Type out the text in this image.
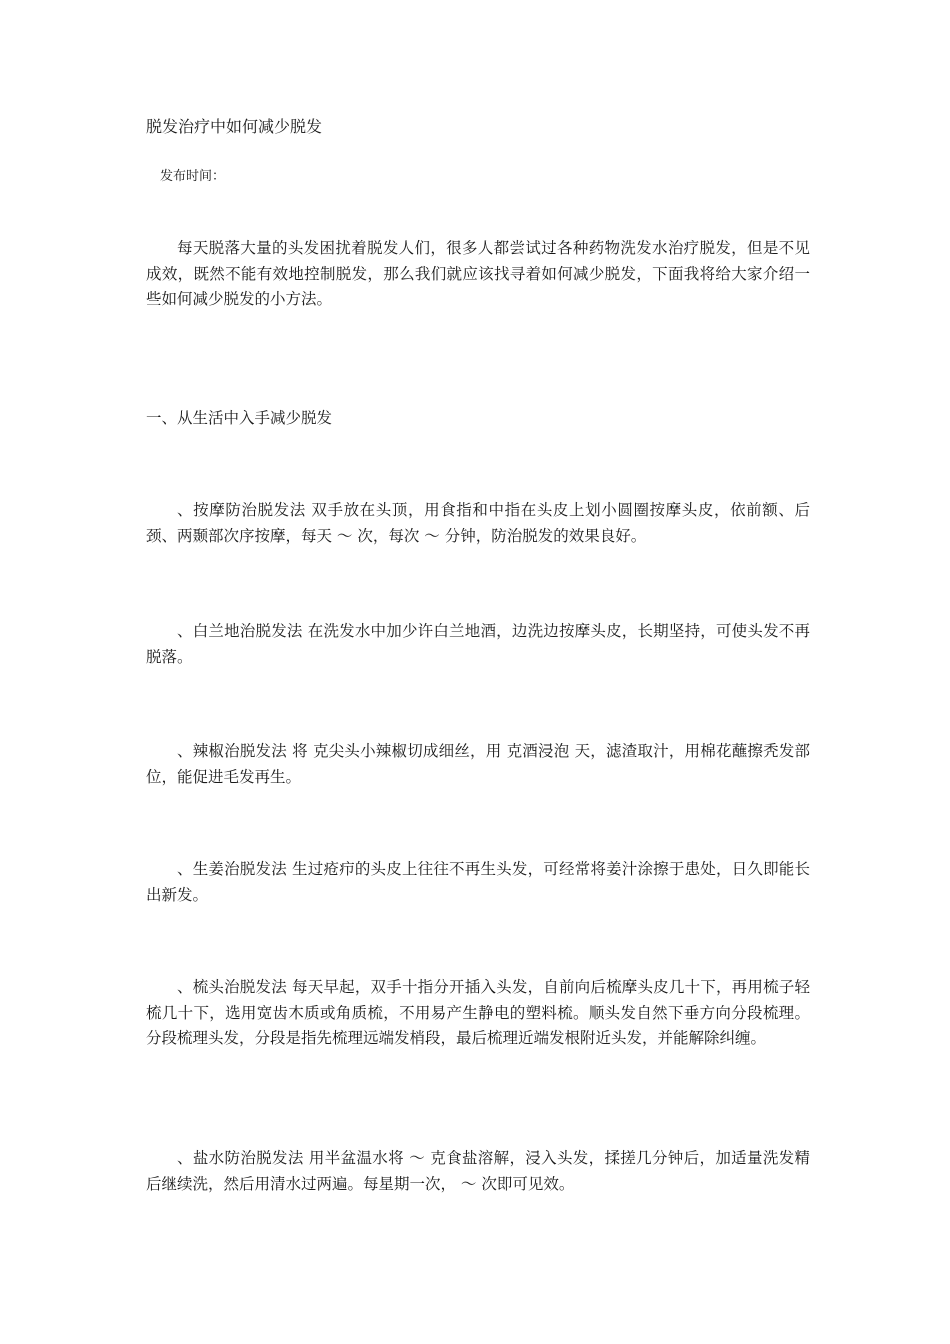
脱发治疗中如何减少脱发
发布时间：

每天脱落大量的头发困扰着脱发人们，很多人都尝试过各种药物洗发水治疗脱发，但是不见成效，既然不能有效地控制脱发，那么我们就应该找寻着如何减少脱发，下面我将给大家介绍一些如何减少脱发的小方法。

一、从生活中入手减少脱发

、按摩防治脱发法 双手放在头顶，用食指和中指在头皮上划小圆圈按摩头皮，依前额、后颈、两颞部次序按摩，每天 ～ 次，每次 ～ 分钟，防治脱发的效果良好。

、白兰地治脱发法 在洗发水中加少许白兰地酒，边洗边按摩头皮，长期坚持，可使头发不再脱落。

、辣椒治脱发法 将 克尖头小辣椒切成细丝，用 克酒浸泡 天，滤渣取汁，用棉花蘸擦秃发部位，能促进毛发再生。

、生姜治脱发法 生过疮疖的头皮上往往不再生头发，可经常将姜汁涂擦于患处，日久即能长出新发。

、梳头治脱发法 每天早起，双手十指分开插入头发，自前向后梳摩头皮几十下，再用梳子轻梳几十下，选用宽齿木质或角质梳，不用易产生静电的塑料梳。顺头发自然下垂方向分段梳理。分段梳理头发，分段是指先梳理远端发梢段，最后梳理近端发根附近头发，并能解除纠缠。

、盐水防治脱发法 用半盆温水将 ～ 克食盐溶解，浸入头发，揉搓几分钟后，加适量洗发精后继续洗，然后用清水过两遍。每星期一次， ～ 次即可见效。
